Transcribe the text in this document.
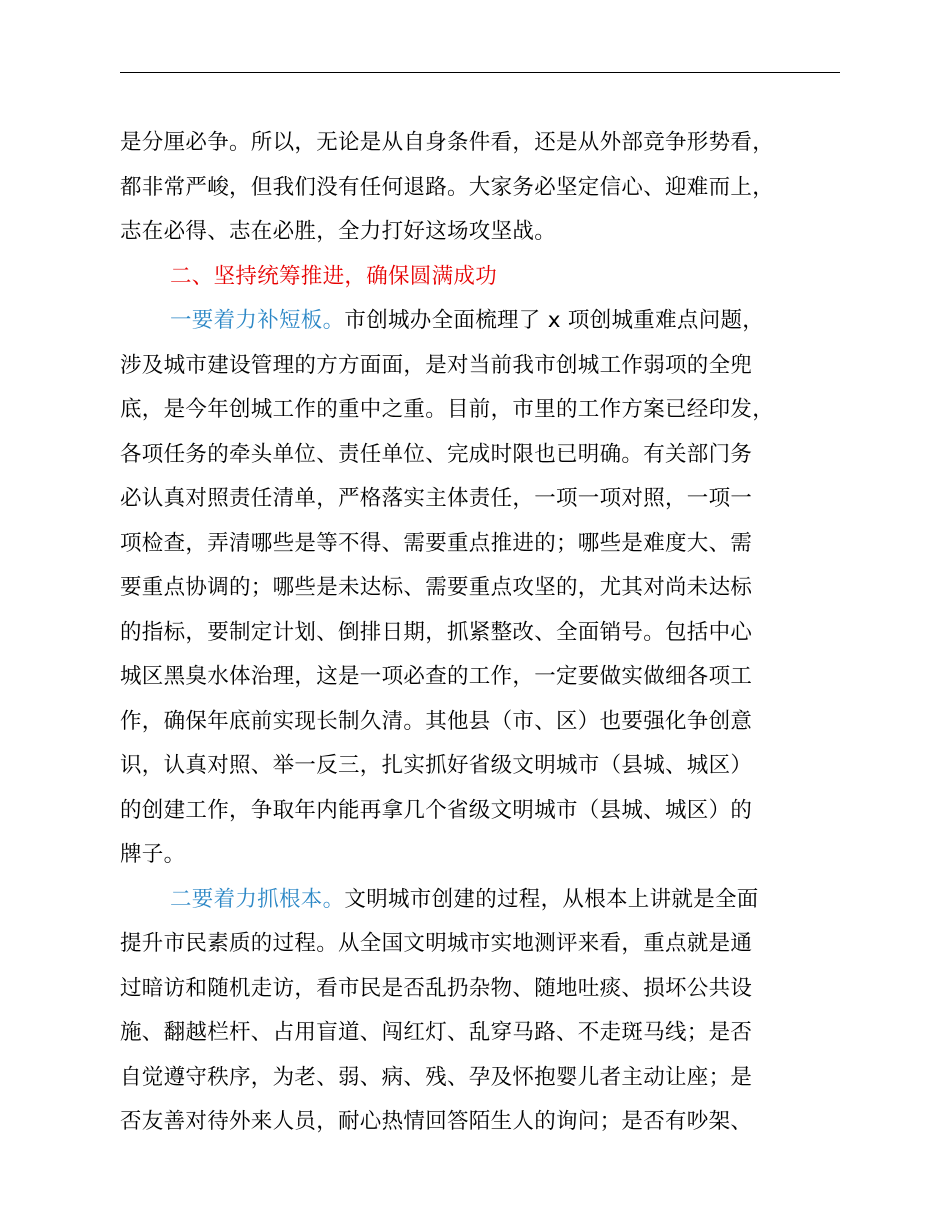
是分厘必争。所以，无论是从自身条件看，还是从外部竞争形势看，
都非常严峻，但我们没有任何退路。大家务必坚定信心、迎难而上，
志在必得、志在必胜，全力打好这场攻坚战。
二、坚持统筹推进，确保圆满成功
一要着力补短板。市创城办全面梳理了 x 项创城重难点问题，
涉及城市建设管理的方方面面，是对当前我市创城工作弱项的全兜
底，是今年创城工作的重中之重。目前，市里的工作方案已经印发，
各项任务的牵头单位、责任单位、完成时限也已明确。有关部门务
必认真对照责任清单，严格落实主体责任，一项一项对照，一项一
项检查，弄清哪些是等不得、需要重点推进的；哪些是难度大、需
要重点协调的；哪些是未达标、需要重点攻坚的，尤其对尚未达标
的指标，要制定计划、倒排日期，抓紧整改、全面销号。包括中心
城区黑臭水体治理，这是一项必查的工作，一定要做实做细各项工
作，确保年底前实现长制久清。其他县（市、区）也要强化争创意
识，认真对照、举一反三，扎实抓好省级文明城市（县城、城区）
的创建工作，争取年内能再拿几个省级文明城市（县城、城区）的
牌子。
二要着力抓根本。文明城市创建的过程，从根本上讲就是全面
提升市民素质的过程。从全国文明城市实地测评来看，重点就是通
过暗访和随机走访，看市民是否乱扔杂物、随地吐痰、损坏公共设
施、翻越栏杆、占用盲道、闯红灯、乱穿马路、不走斑马线；是否
自觉遵守秩序，为老、弱、病、残、孕及怀抱婴儿者主动让座；是
否友善对待外来人员，耐心热情回答陌生人的询问；是否有吵架、
